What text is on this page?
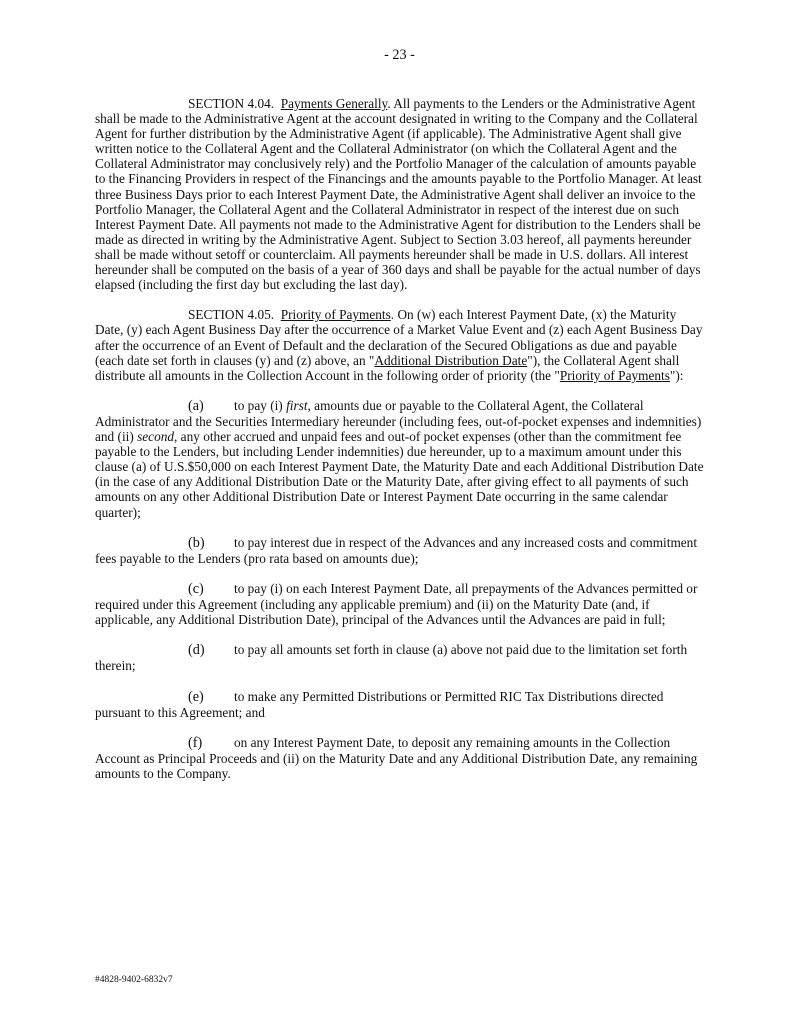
- 23 -

SECTION 4.04. Payments Generally. All payments to the Lenders or the Administrative Agent shall be made to the Administrative Agent at the account designated in writing to the Company and the Collateral Agent for further distribution by the Administrative Agent (if applicable). The Administrative Agent shall give written notice to the Collateral Agent and the Collateral Administrator (on which the Collateral Agent and the Collateral Administrator may conclusively rely) and the Portfolio Manager of the calculation of amounts payable to the Financing Providers in respect of the Financings and the amounts payable to the Portfolio Manager. At least three Business Days prior to each Interest Payment Date, the Administrative Agent shall deliver an invoice to the Portfolio Manager, the Collateral Agent and the Collateral Administrator in respect of the interest due on such Interest Payment Date. All payments not made to the Administrative Agent for distribution to the Lenders shall be made as directed in writing by the Administrative Agent. Subject to Section 3.03 hereof, all payments hereunder shall be made without setoff or counterclaim. All payments hereunder shall be made in U.S. dollars. All interest hereunder shall be computed on the basis of a year of 360 days and shall be payable for the actual number of days elapsed (including the first day but excluding the last day).

SECTION 4.05. Priority of Payments. On (w) each Interest Payment Date, (x) the Maturity Date, (y) each Agent Business Day after the occurrence of a Market Value Event and (z) each Agent Business Day after the occurrence of an Event of Default and the declaration of the Secured Obligations as due and payable (each date set forth in clauses (y) and (z) above, an "Additional Distribution Date"), the Collateral Agent shall distribute all amounts in the Collection Account in the following order of priority (the "Priority of Payments"):

(a) to pay (i) first, amounts due or payable to the Collateral Agent, the Collateral Administrator and the Securities Intermediary hereunder (including fees, out-of-pocket expenses and indemnities) and (ii) second, any other accrued and unpaid fees and out-of pocket expenses (other than the commitment fee payable to the Lenders, but including Lender indemnities) due hereunder, up to a maximum amount under this clause (a) of U.S.$50,000 on each Interest Payment Date, the Maturity Date and each Additional Distribution Date (in the case of any Additional Distribution Date or the Maturity Date, after giving effect to all payments of such amounts on any other Additional Distribution Date or Interest Payment Date occurring in the same calendar quarter);

(b) to pay interest due in respect of the Advances and any increased costs and commitment fees payable to the Lenders (pro rata based on amounts due);

(c) to pay (i) on each Interest Payment Date, all prepayments of the Advances permitted or required under this Agreement (including any applicable premium) and (ii) on the Maturity Date (and, if applicable, any Additional Distribution Date), principal of the Advances until the Advances are paid in full;

(d) to pay all amounts set forth in clause (a) above not paid due to the limitation set forth therein;

(e) to make any Permitted Distributions or Permitted RIC Tax Distributions directed pursuant to this Agreement; and

(f) on any Interest Payment Date, to deposit any remaining amounts in the Collection Account as Principal Proceeds and (ii) on the Maturity Date and any Additional Distribution Date, any remaining amounts to the Company.

#4828-9402-6832v7
